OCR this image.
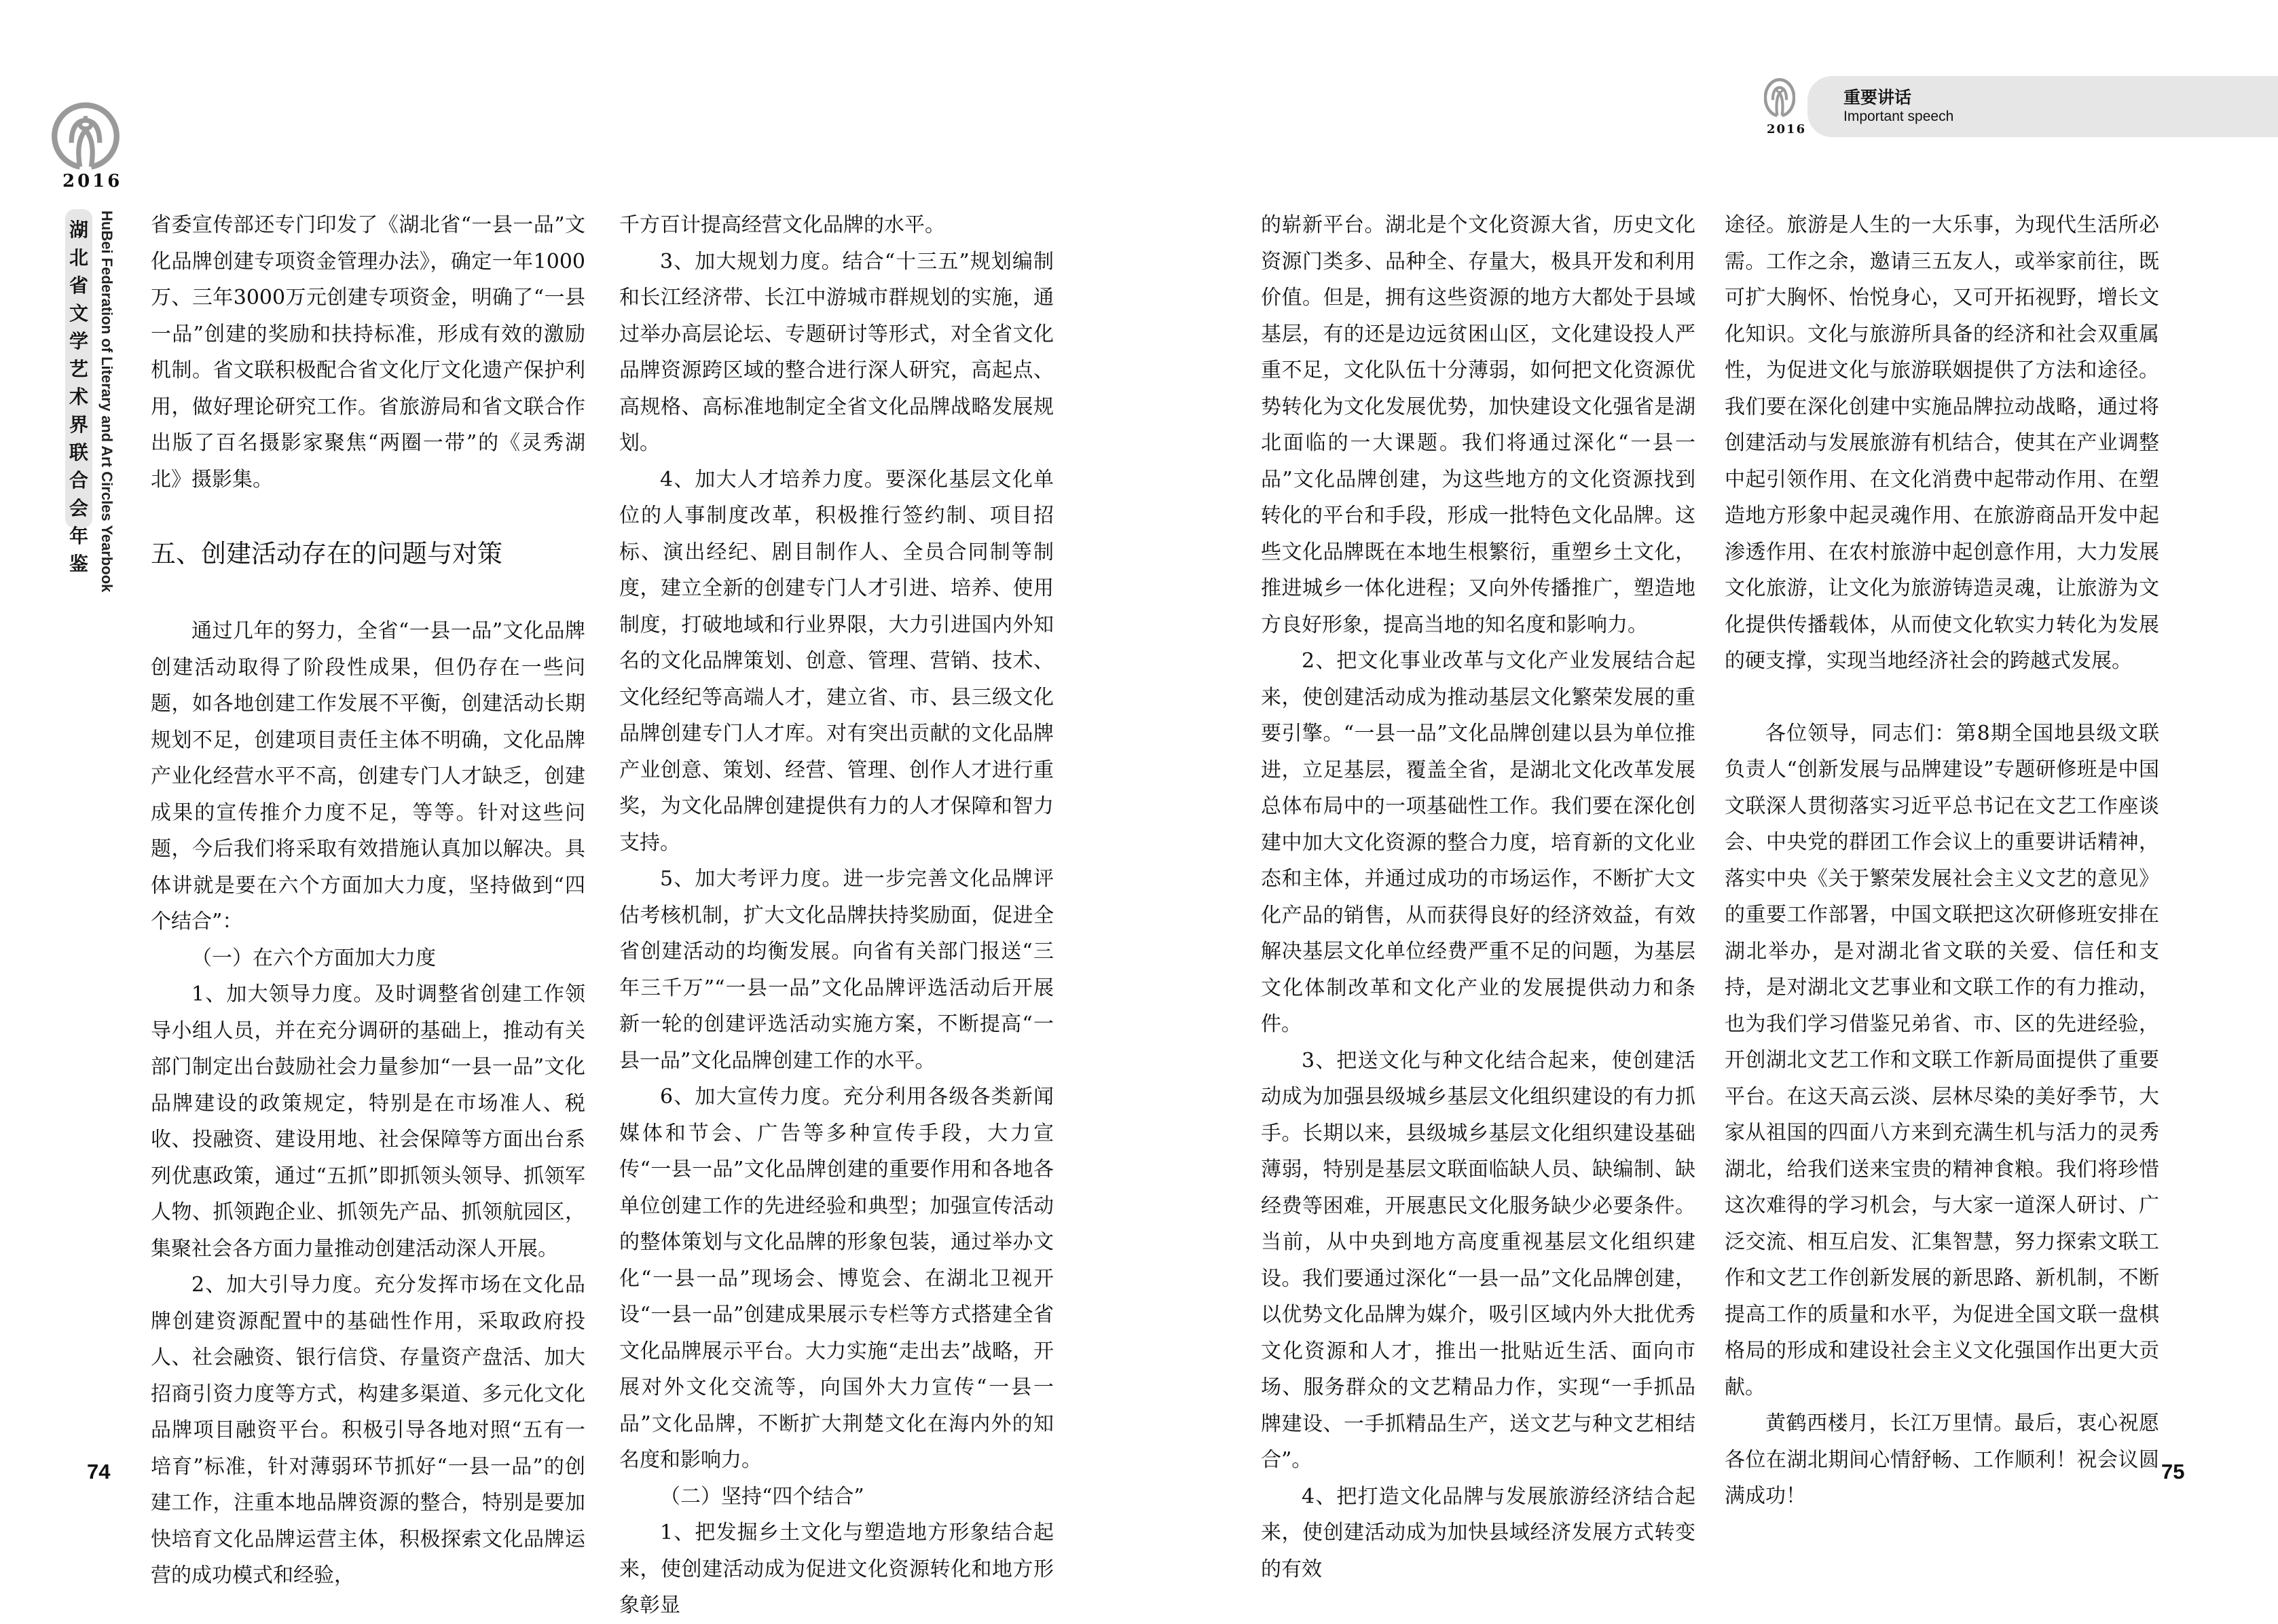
2016
湖北省文学艺术界联合会年鉴 HuBei Federation of Literary and Art Circles Yearbook 省委宣传部还专门印发了《湖北省“一县一品”文化品牌创建专项资金管理办法》，确定一年1000万、三年3000万元创建专项资金，明确了“一县一品”创建的奖励和扶持标准，形成有效的激励机制。省文联积极配合省文化厅文化遗产保护利用，做好理论研究工作。省旅游局和省文联合作出版了百名摄影家聚焦“两圈一带”的《灵秀湖北》摄影集。

五、创建活动存在的问题与对策

通过几年的努力，全省“一县一品”文化品牌创建活动取得了阶段性成果，但仍存在一些问题，如各地创建工作发展不平衡，创建活动长期规划不足，创建项目责任主体不明确，文化品牌产业化经营水平不高，创建专门人才缺乏，创建成果的宣传推介力度不足，等等。针对这些问题，今后我们将采取有效措施认真加以解决。具体讲就是要在六个方面加大力度，坚持做到“四个结合”：

（一）在六个方面加大力度

1、加大领导力度。及时调整省创建工作领导小组人员，并在充分调研的基础上，推动有关部门制定出台鼓励社会力量参加“一县一品”文化品牌建设的政策规定，特别是在市场准人、税收、投融资、建设用地、社会保障等方面出台系列优惠政策，通过“五抓”即抓领头领导、抓领军人物、抓领跑企业、抓领先产品、抓领航园区，集聚社会各方面力量推动创建活动深人开展。

2、加大引导力度。充分发挥市场在文化品牌创建资源配置中的基础性作用，采取政府投人、社会融资、银行信贷、存量资产盘活、加大招商引资力度等方式，构建多渠道、多元化文化品牌项目融资平台。积极引导各地对照“五有一培育”标准，针对薄弱环节抓好“一县一品”的创建工作，注重本地品牌资源的整合，特别是要加快培育文化品牌运营主体，积极探索文化品牌运营的成功模式和经验，

千方百计提高经营文化品牌的水平。

3、加大规划力度。结合“十三五”规划编制和长江经济带、长江中游城市群规划的实施，通过举办高层论坛、专题研讨等形式，对全省文化品牌资源跨区域的整合进行深人研究，高起点、高规格、高标准地制定全省文化品牌战略发展规划。

4、加大人才培养力度。要深化基层文化单位的人事制度改革，积极推行签约制、项目招标、演出经纪、剧目制作人、全员合同制等制度，建立全新的创建专门人才引进、培养、使用制度，打破地域和行业界限，大力引进国内外知名的文化品牌策划、创意、管理、营销、技术、文化经纪等高端人才，建立省、市、县三级文化品牌创建专门人才库。对有突出贡献的文化品牌产业创意、策划、经营、管理、创作人才进行重奖，为文化品牌创建提供有力的人才保障和智力支持。

5、加大考评力度。进一步完善文化品牌评估考核机制，扩大文化品牌扶持奖励面，促进全省创建活动的均衡发展。向省有关部门报送“三年三千万”“一县一品”文化品牌评选活动后开展新一轮的创建评选活动实施方案，不断提高“一县一品”文化品牌创建工作的水平。

6、加大宣传力度。充分利用各级各类新闻媒体和节会、广告等多种宣传手段，大力宣传“一县一品”文化品牌创建的重要作用和各地各单位创建工作的先进经验和典型；加强宣传活动的整体策划与文化品牌的形象包装，通过举办文化“一县一品”现场会、博览会、在湖北卫视开设“一县一品”创建成果展示专栏等方式搭建全省文化品牌展示平台。大力实施“走出去”战略，开展对外文化交流等，向国外大力宣传“一县一品”文化品牌，不断扩大荆楚文化在海内外的知名度和影响力。

（二）坚持“四个结合”

1、把发掘乡土文化与塑造地方形象结合起来，使创建活动成为促进文化资源转化和地方形象彰显

74
2016
重要讲话
Important speech

的崭新平台。湖北是个文化资源大省，历史文化资源门类多、品种全、存量大，极具开发和利用价值。但是，拥有这些资源的地方大都处于县域基层，有的还是边远贫困山区，文化建设投人严重不足，文化队伍十分薄弱，如何把文化资源优势转化为文化发展优势，加快建设文化强省是湖北面临的一大课题。我们将通过深化“一县一品”文化品牌创建，为这些地方的文化资源找到转化的平台和手段，形成一批特色文化品牌。这些文化品牌既在本地生根繁衍，重塑乡土文化，推进城乡一体化进程；又向外传播推广，塑造地方良好形象，提高当地的知名度和影响力。

2、把文化事业改革与文化产业发展结合起来，使创建活动成为推动基层文化繁荣发展的重要引擎。“一县一品”文化品牌创建以县为单位推进，立足基层，覆盖全省，是湖北文化改革发展总体布局中的一项基础性工作。我们要在深化创建中加大文化资源的整合力度，培育新的文化业态和主体，并通过成功的市场运作，不断扩大文化产品的销售，从而获得良好的经济效益，有效解决基层文化单位经费严重不足的问题，为基层文化体制改革和文化产业的发展提供动力和条件。

3、把送文化与种文化结合起来，使创建活动成为加强县级城乡基层文化组织建设的有力抓手。长期以来，县级城乡基层文化组织建设基础薄弱，特别是基层文联面临缺人员、缺编制、缺经费等困难，开展惠民文化服务缺少必要条件。当前，从中央到地方高度重视基层文化组织建设。我们要通过深化“一县一品”文化品牌创建，以优势文化品牌为媒介，吸引区域内外大批优秀文化资源和人才，推出一批贴近生活、面向市场、服务群众的文艺精品力作，实现“一手抓品牌建设、一手抓精品生产，送文艺与种文艺相结合”。

4、把打造文化品牌与发展旅游经济结合起来，使创建活动成为加快县域经济发展方式转变的有效

途径。旅游是人生的一大乐事，为现代生活所必需。工作之余，邀请三五友人，或举家前往，既可扩大胸怀、怡悦身心，又可开拓视野，增长文化知识。文化与旅游所具备的经济和社会双重属性，为促进文化与旅游联姻提供了方法和途径。我们要在深化创建中实施品牌拉动战略，通过将创建活动与发展旅游有机结合，使其在产业调整中起引领作用、在文化消费中起带动作用、在塑造地方形象中起灵魂作用、在旅游商品开发中起渗透作用、在农村旅游中起创意作用，大力发展文化旅游，让文化为旅游铸造灵魂，让旅游为文化提供传播载体，从而使文化软实力转化为发展的硬支撑，实现当地经济社会的跨越式发展。

各位领导，同志们：第8期全国地县级文联负责人“创新发展与品牌建设”专题研修班是中国文联深人贯彻落实习近平总书记在文艺工作座谈会、中央党的群团工作会议上的重要讲话精神，落实中央《关于繁荣发展社会主义文艺的意见》的重要工作部署，中国文联把这次研修班安排在湖北举办，是对湖北省文联的关爱、信任和支持，是对湖北文艺事业和文联工作的有力推动，也为我们学习借鉴兄弟省、市、区的先进经验，开创湖北文艺工作和文联工作新局面提供了重要平台。在这天高云淡、层林尽染的美好季节，大家从祖国的四面八方来到充满生机与活力的灵秀湖北，给我们送来宝贵的精神食粮。我们将珍惜这次难得的学习机会，与大家一道深人研讨、广泛交流、相互启发、汇集智慧，努力探索文联工作和文艺工作创新发展的新思路、新机制，不断提高工作的质量和水平，为促进全国文联一盘棋格局的形成和建设社会主义文化强国作出更大贡献。

黄鹤西楼月，长江万里情。最后，衷心祝愿各位在湖北期间心情舒畅、工作顺利！祝会议圆满成功！

75
